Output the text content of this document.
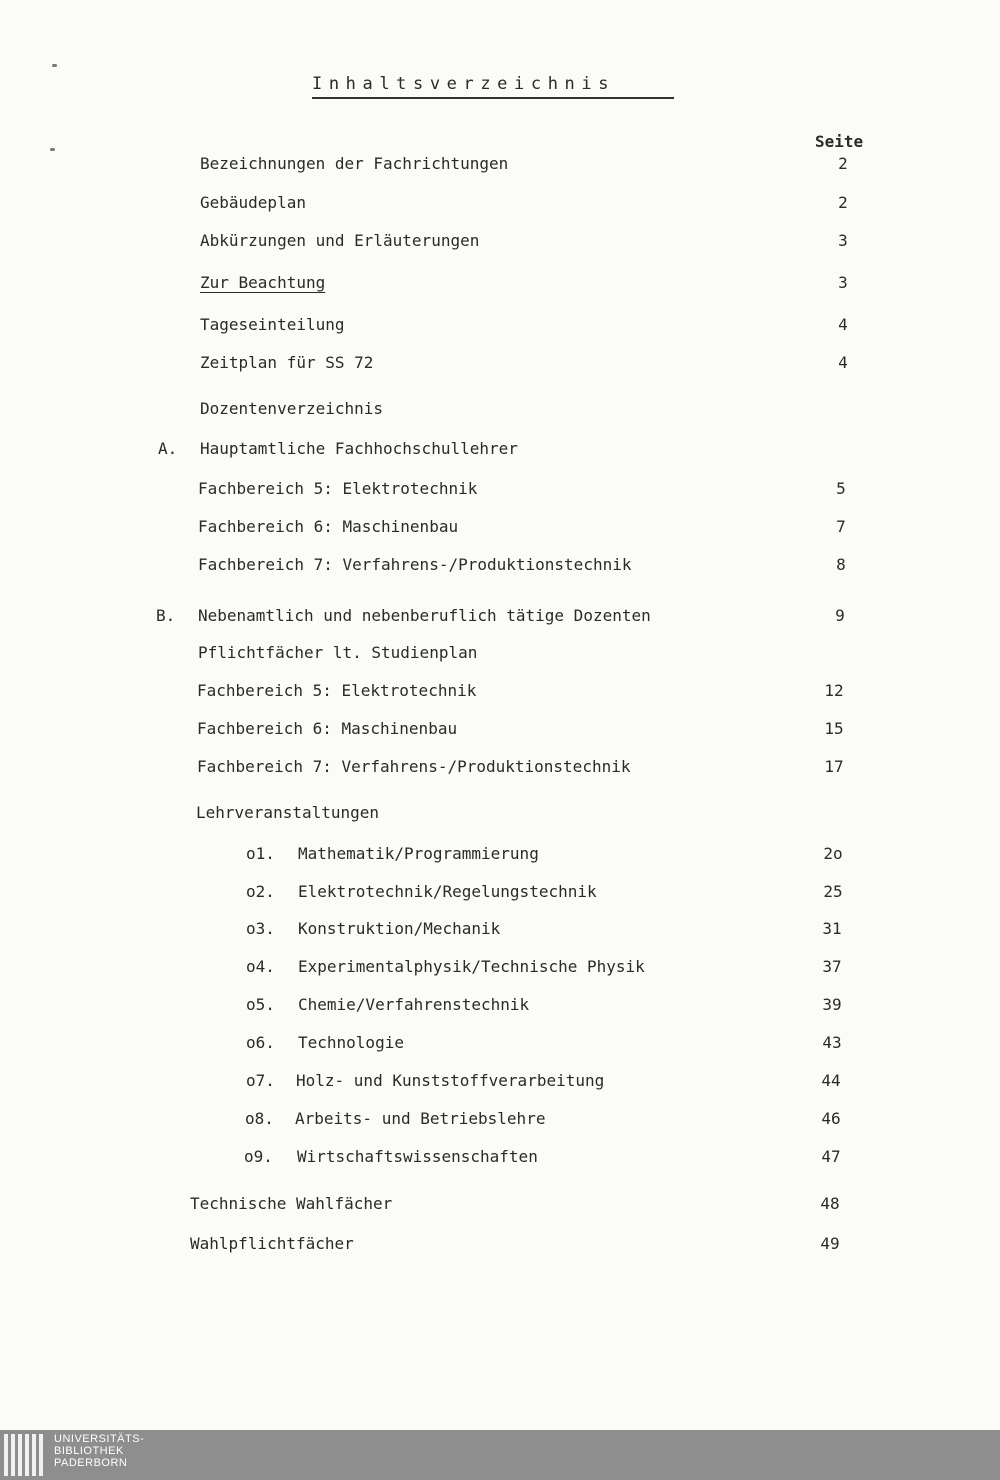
Inhaltsverzeichnis
Seite
Bezeichnungen der Fachrichtungen	2
Gebäudeplan	2
Abkürzungen und Erläuterungen	3
Zur Beachtung	3
Tageseinteilung	4
Zeitplan für SS 72	4
Dozentenverzeichnis
A. Hauptamtliche Fachhochschullehrer
Fachbereich 5: Elektrotechnik	5
Fachbereich 6: Maschinenbau	7
Fachbereich 7: Verfahrens-/Produktionstechnik	8
B. Nebenamtlich und nebenberuflich tätige Dozenten	9
Pflichtfächer lt. Studienplan
Fachbereich 5: Elektrotechnik	12
Fachbereich 6: Maschinenbau	15
Fachbereich 7: Verfahrens-/Produktionstechnik	17
Lehrveranstaltungen
o1. Mathematik/Programmierung	2o
o2. Elektrotechnik/Regelungstechnik	25
o3. Konstruktion/Mechanik	31
o4. Experimentalphysik/Technische Physik	37
o5. Chemie/Verfahrenstechnik	39
o6. Technologie	43
o7. Holz- und Kunststoffverarbeitung	44
o8. Arbeits- und Betriebslehre	46
o9. Wirtschaftswissenschaften	47
Technische Wahlfächer	48
Wahlpflichtfächer	49
UNIVERSITÄTS-
BIBLIOTHEK
PADERBORN
